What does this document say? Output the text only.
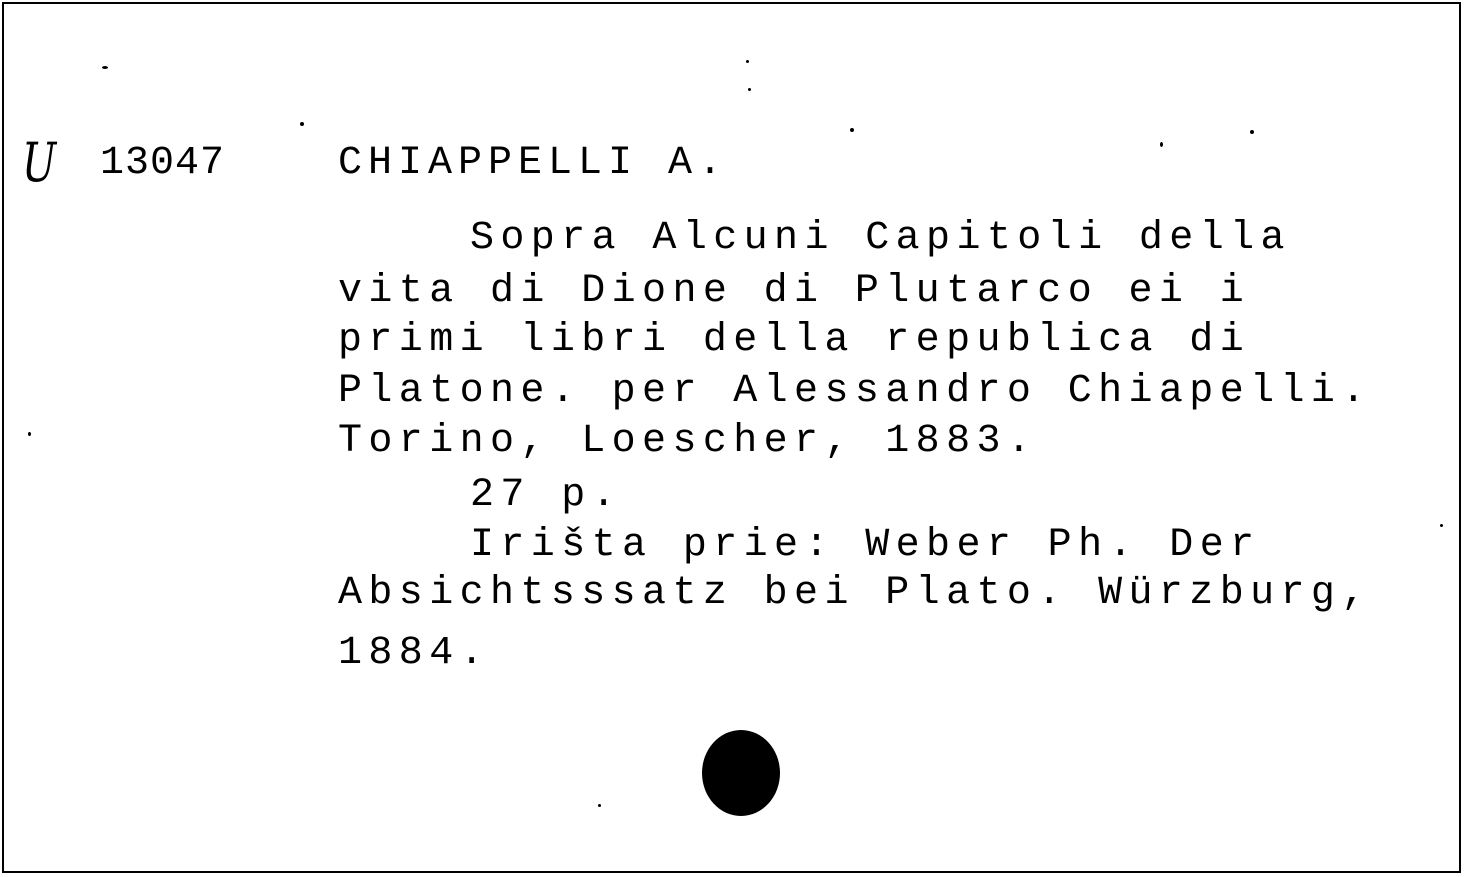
U 13047	CHIAPPELLI A.
Sopra Alcuni Capitoli della
vita di Dione di Plutarco ei i
primi libri della republica di
Platone. per Alessandro Chiapelli.
Torino, Loescher, 1883.
27 p.
Irišta prie: Weber Ph. Der
Absichtsssatz bei Plato. Würzburg,
1884.
